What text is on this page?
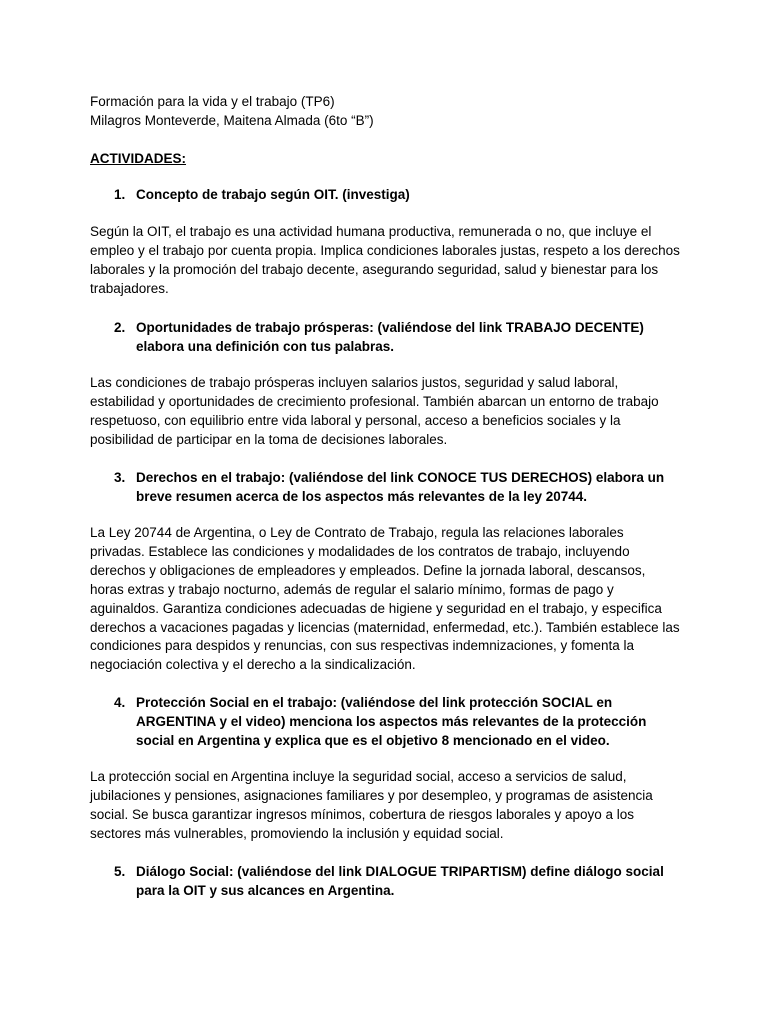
Formación para la vida y el trabajo (TP6)
Milagros Monteverde, Maitena Almada (6to “B”)
ACTIVIDADES:
1. Concepto de trabajo según OIT. (investiga)
Según la OIT, el trabajo es una actividad humana productiva, remunerada o no, que incluye el empleo y el trabajo por cuenta propia. Implica condiciones laborales justas, respeto a los derechos laborales y la promoción del trabajo decente, asegurando seguridad, salud y bienestar para los trabajadores.
2. Oportunidades de trabajo prósperas: (valiéndose del link TRABAJO DECENTE) elabora una definición con tus palabras.
Las condiciones de trabajo prósperas incluyen salarios justos, seguridad y salud laboral, estabilidad y oportunidades de crecimiento profesional. También abarcan un entorno de trabajo respetuoso, con equilibrio entre vida laboral y personal, acceso a beneficios sociales y la posibilidad de participar en la toma de decisiones laborales.
3. Derechos en el trabajo: (valiéndose del link CONOCE TUS DERECHOS) elabora un breve resumen acerca de los aspectos más relevantes de la ley 20744.
La Ley 20744 de Argentina, o Ley de Contrato de Trabajo, regula las relaciones laborales privadas. Establece las condiciones y modalidades de los contratos de trabajo, incluyendo derechos y obligaciones de empleadores y empleados. Define la jornada laboral, descansos, horas extras y trabajo nocturno, además de regular el salario mínimo, formas de pago y aguinaldos. Garantiza condiciones adecuadas de higiene y seguridad en el trabajo, y especifica derechos a vacaciones pagadas y licencias (maternidad, enfermedad, etc.). También establece las condiciones para despidos y renuncias, con sus respectivas indemnizaciones, y fomenta la negociación colectiva y el derecho a la sindicalización.
4. Protección Social en el trabajo: (valiéndose del link protección SOCIAL en ARGENTINA y el video) menciona los aspectos más relevantes de la protección social en Argentina y explica que es el objetivo 8 mencionado en el video.
La protección social en Argentina incluye la seguridad social, acceso a servicios de salud, jubilaciones y pensiones, asignaciones familiares y por desempleo, y programas de asistencia social. Se busca garantizar ingresos mínimos, cobertura de riesgos laborales y apoyo a los sectores más vulnerables, promoviendo la inclusión y equidad social.
5. Diálogo Social: (valiéndose del link DIALOGUE TRIPARTISM) define diálogo social para la OIT y sus alcances en Argentina.
